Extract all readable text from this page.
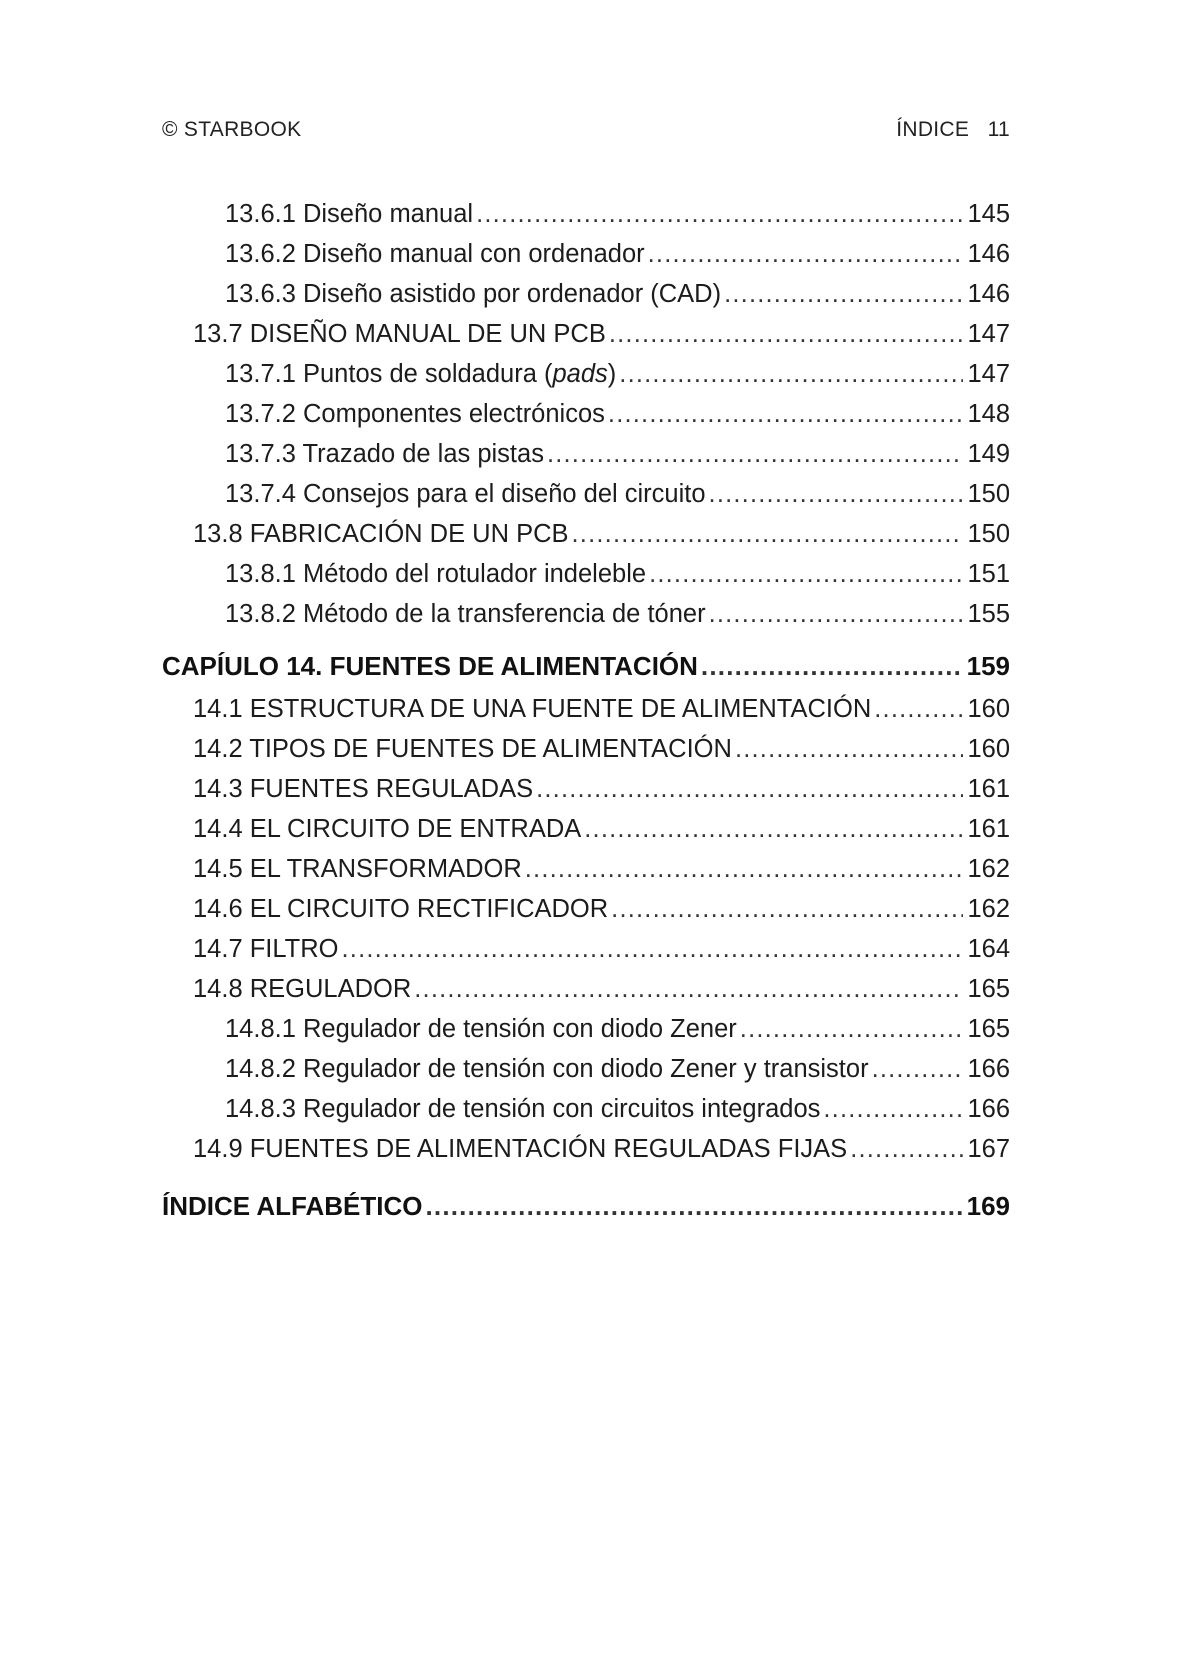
© STARBOOK	ÍNDICE   11
13.6.1 Diseño manual .....	145
13.6.2 Diseño manual con ordenador .....	146
13.6.3 Diseño asistido por ordenador (CAD) .....	146
13.7 DISEÑO MANUAL DE UN PCB .....	147
13.7.1 Puntos de soldadura (pads) .....	147
13.7.2 Componentes electrónicos .....	148
13.7.3 Trazado de las pistas .....	149
13.7.4 Consejos para el diseño del circuito .....	150
13.8 FABRICACIÓN DE UN PCB .....	150
13.8.1 Método del rotulador indeleble .....	151
13.8.2 Método de la transferencia de tóner .....	155
CAPÍULO 14. FUENTES DE ALIMENTACIÓN .....	159
14.1 ESTRUCTURA DE UNA FUENTE DE ALIMENTACIÓN .....	160
14.2 TIPOS DE FUENTES DE ALIMENTACIÓN .....	160
14.3 FUENTES REGULADAS .....	161
14.4 EL CIRCUITO DE ENTRADA .....	161
14.5 EL TRANSFORMADOR .....	162
14.6 EL CIRCUITO RECTIFICADOR .....	162
14.7 FILTRO .....	164
14.8 REGULADOR .....	165
14.8.1 Regulador de tensión con diodo Zener .....	165
14.8.2 Regulador de tensión con diodo Zener y transistor .....	166
14.8.3 Regulador de tensión con circuitos integrados .....	166
14.9 FUENTES DE ALIMENTACIÓN REGULADAS FIJAS .....	167
ÍNDICE ALFABÉTICO .....	169
